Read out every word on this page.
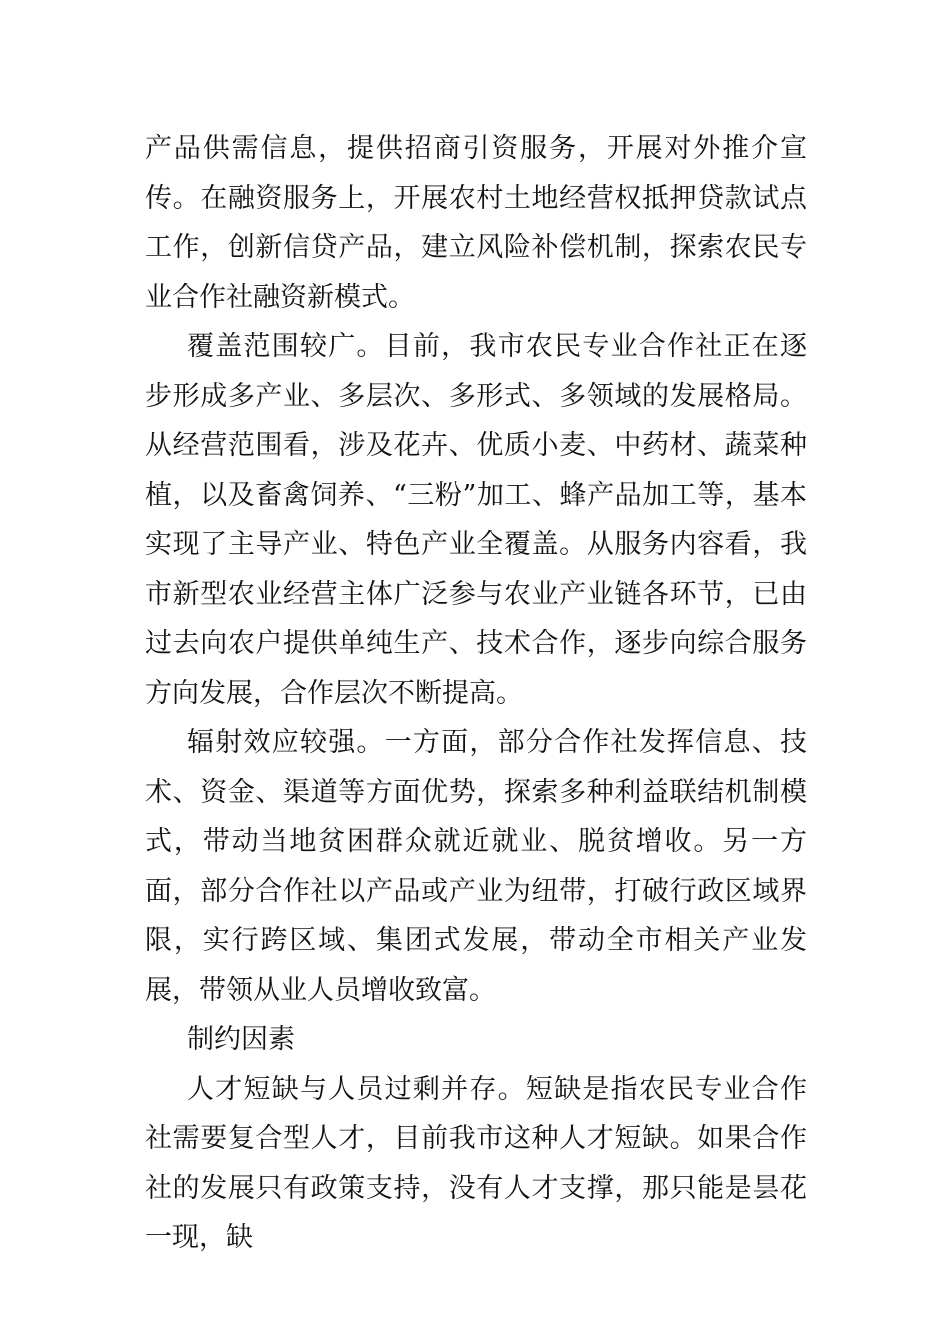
产品供需信息，提供招商引资服务，开展对外推介宣传。在融资服务上，开展农村土地经营权抵押贷款试点工作，创新信贷产品，建立风险补偿机制，探索农民专业合作社融资新模式。

覆盖范围较广。目前，我市农民专业合作社正在逐步形成多产业、多层次、多形式、多领域的发展格局。从经营范围看，涉及花卉、优质小麦、中药材、蔬菜种植，以及畜禽饲养、“三粉”加工、蜂产品加工等，基本实现了主导产业、特色产业全覆盖。从服务内容看，我市新型农业经营主体广泛参与农业产业链各环节，已由过去向农户提供单纯生产、技术合作，逐步向综合服务方向发展，合作层次不断提高。

辐射效应较强。一方面，部分合作社发挥信息、技术、资金、渠道等方面优势，探索多种利益联结机制模式，带动当地贫困群众就近就业、脱贫增收。另一方面，部分合作社以产品或产业为纽带，打破行政区域界限，实行跨区域、集团式发展，带动全市相关产业发展，带领从业人员增收致富。

制约因素

人才短缺与人员过剩并存。短缺是指农民专业合作社需要复合型人才，目前我市这种人才短缺。如果合作社的发展只有政策支持，没有人才支撑，那只能是昙花一现，缺
